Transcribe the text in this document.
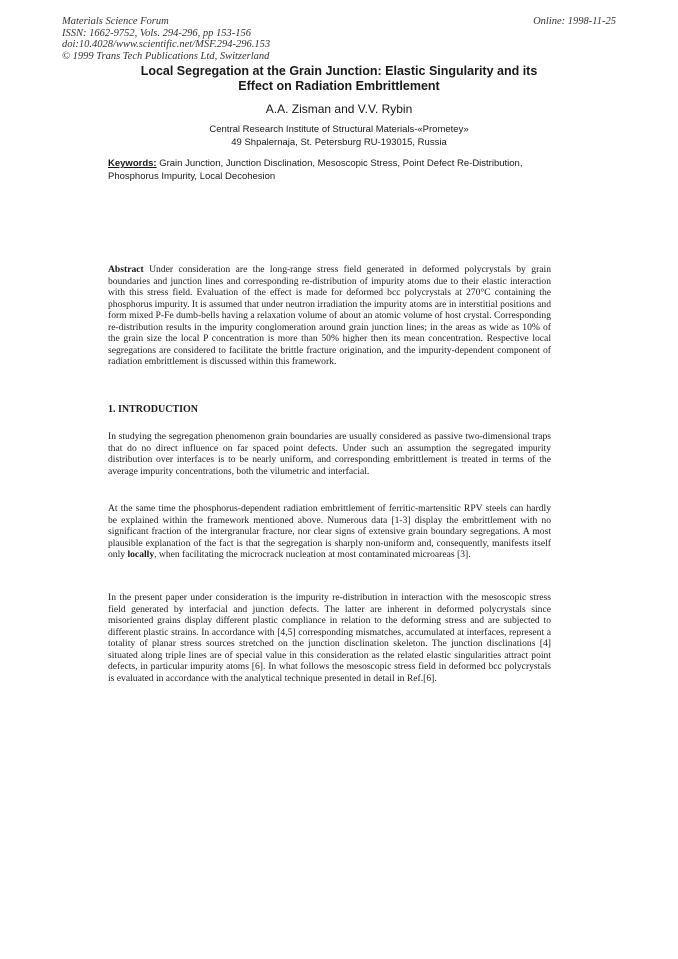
Materials Science Forum
ISSN: 1662-9752, Vols. 294-296, pp 153-156
doi:10.4028/www.scientific.net/MSF.294-296.153
© 1999 Trans Tech Publications Ltd, Switzerland
Online: 1998-11-25
Local Segregation at the Grain Junction: Elastic Singularity and its
Effect on Radiation Embrittlement
A.A. Zisman and V.V. Rybin
Central Research Institute of Structural Materials-«Prometey»
49 Shpalernaja, St. Petersburg RU-193015, Russia
Keywords: Grain Junction, Junction Disclination, Mesoscopic Stress, Point Defect Re-Distribution, Phosphorus Impurity, Local Decohesion
Abstract Under consideration are the long-range stress field generated in deformed polycrystals by grain boundaries and junction lines and corresponding re-distribution of impurity atoms due to their elastic interaction with this stress field. Evaluation of the effect is made for deformed bcc polycrystals at 270°C containing the phosphorus impurity. It is assumed that under neutron irradiation the impurity atoms are in interstitial positions and form mixed P-Fe dumb-bells having a relaxation volume of about an atomic volume of host crystal. Corresponding re-distribution results in the impurity conglomeration around grain junction lines; in the areas as wide as 10% of the grain size the local P concentration is more than 50% higher then its mean concentration. Respective local segregations are considered to facilitate the brittle fracture origination, and the impurity-dependent component of radiation embrittlement is discussed within this framework.
1. INTRODUCTION
In studying the segregation phenomenon grain boundaries are usually considered as passive two-dimensional traps that do no direct influence on far spaced point defects. Under such an assumption the segregated impurity distribution over interfaces is to be nearly uniform, and corresponding embrittlement is treated in terms of the average impurity concentrations, both the vilumetric and interfacial.
At the same time the phosphorus-dependent radiation embrittlement of ferritic-martensitic RPV steels can hardly be explained within the framework mentioned above. Numerous data [1-3] display the embrittlement with no significant fraction of the intergranular fracture, nor clear signs of extensive grain boundary segregations. A most plausible explanation of the fact is that the segregation is sharply non-uniform and, consequently, manifests itself only locally, when facilitating the microcrack nucleation at most contaminated microareas [3].
In the present paper under consideration is the impurity re-distribution in interaction with the mesoscopic stress field generated by interfacial and junction defects. The latter are inherent in deformed polycrystals since misoriented grains display different plastic compliance in relation to the deforming stress and are subjected to different plastic strains. In accordance with [4,5] corresponding mismatches, accumulated at interfaces, represent a totality of planar stress sources stretched on the junction disclination skeleton. The junction disclinations [4] situated along triple lines are of special value in this consideration as the related elastic singularities attract point defects, in particular impurity atoms [6]. In what follows the mesoscopic stress field in deformed bcc polycrystals is evaluated in accordance with the analytical technique presented in detail in Ref.[6].
